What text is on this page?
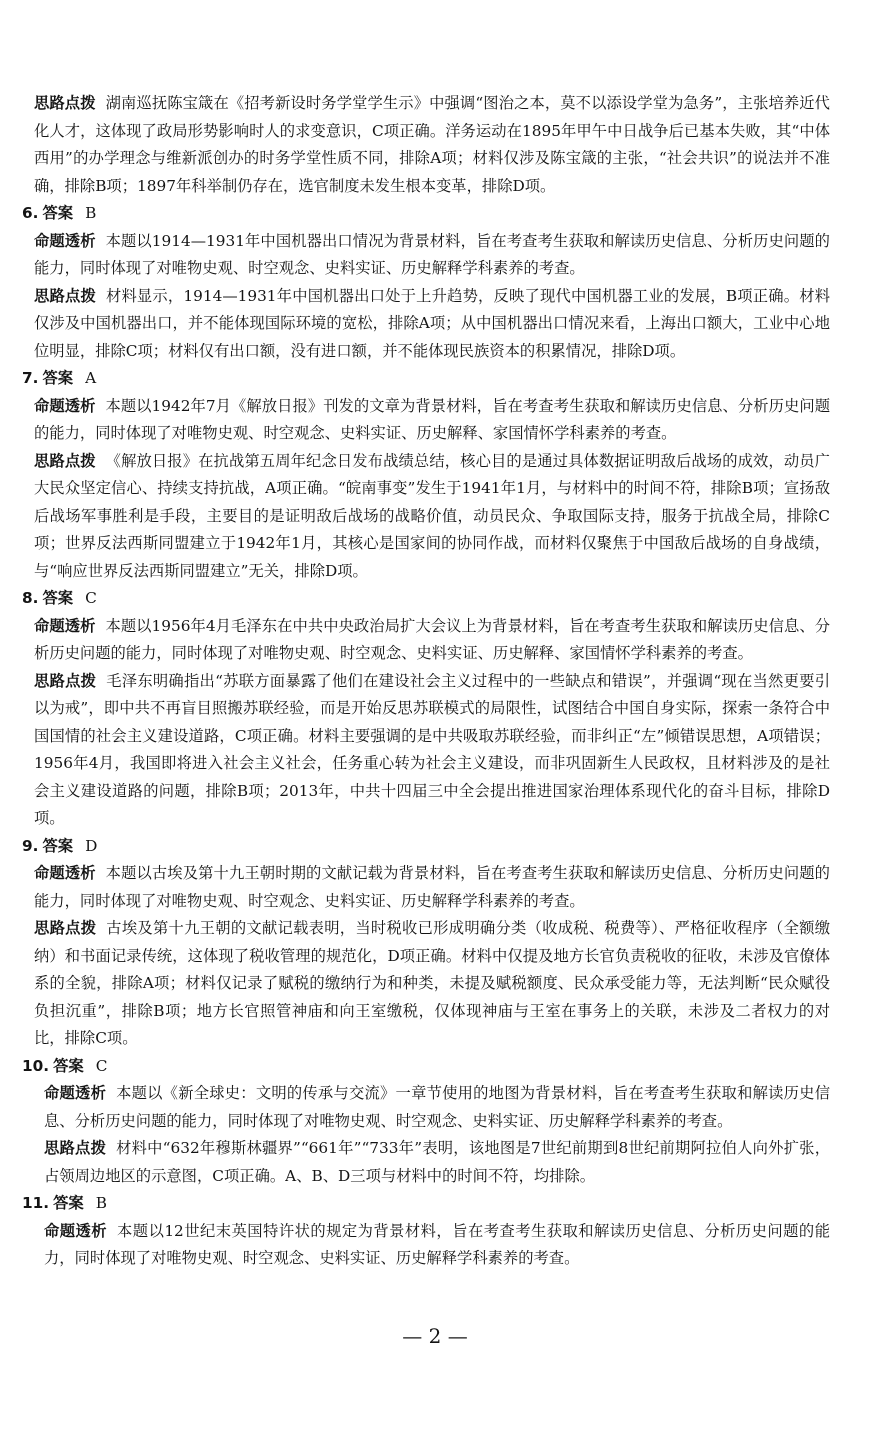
思路点拨 湖南巡抚陈宝箴在《招考新设时务学堂学生示》中强调“图治之本，莫不以添设学堂为急务”，主张培养近代化人才，这体现了政局形势影响时人的求变意识，C项正确。洋务运动在1895年甲午中日战争后已基本失败，其“中体西用”的办学理念与维新派创办的时务学堂性质不同，排除A项；材料仅涉及陈宝箴的主张，“社会共识”的说法并不准确，排除B项；1897年科举制仍存在，选官制度未发生根本变革，排除D项。

6. 答案 B

命题透析 本题以1914—1931年中国机器出口情况为背景材料，旨在考查考生获取和解读历史信息、分析历史问题的能力，同时体现了对唯物史观、时空观念、史料实证、历史解释学科素养的考查。

思路点拨 材料显示，1914—1931年中国机器出口处于上升趋势，反映了现代中国机器工业的发展，B项正确。材料仅涉及中国机器出口，并不能体现国际环境的宽松，排除A项；从中国机器出口情况来看，上海出口额大，工业中心地位明显，排除C项；材料仅有出口额，没有进口额，并不能体现民族资本的积累情况，排除D项。

7. 答案 A

命题透析 本题以1942年7月《解放日报》刊发的文章为背景材料，旨在考查考生获取和解读历史信息、分析历史问题的能力，同时体现了对唯物史观、时空观念、史料实证、历史解释、家国情怀学科素养的考查。

思路点拨 《解放日报》在抗战第五周年纪念日发布战绩总结，核心目的是通过具体数据证明敌后战场的成效，动员广大民众坚定信心、持续支持抗战，A项正确。“皖南事变”发生于1941年1月，与材料中的时间不符，排除B项；宣扬敌后战场军事胜利是手段，主要目的是证明敌后战场的战略价值，动员民众、争取国际支持，服务于抗战全局，排除C项；世界反法西斯同盟建立于1942年1月，其核心是国家间的协同作战，而材料仅聚焦于中国敌后战场的自身战绩，与“响应世界反法西斯同盟建立”无关，排除D项。

8. 答案 C

命题透析 本题以1956年4月毛泽东在中共中央政治局扩大会议上为背景材料，旨在考查考生获取和解读历史信息、分析历史问题的能力，同时体现了对唯物史观、时空观念、史料实证、历史解释、家国情怀学科素养的考查。

思路点拨 毛泽东明确指出“苏联方面暴露了他们在建设社会主义过程中的一些缺点和错误”，并强调“现在当然更要引以为戒”，即中共不再盲目照搬苏联经验，而是开始反思苏联模式的局限性，试图结合中国自身实际，探索一条符合中国国情的社会主义建设道路，C项正确。材料主要强调的是中共吸取苏联经验，而非纠正“左”倾错误思想，A项错误；1956年4月，我国即将进入社会主义社会，任务重心转为社会主义建设，而非巩固新生人民政权，且材料涉及的是社会主义建设道路的问题，排除B项；2013年，中共十四届三中全会提出推进国家治理体系现代化的奋斗目标，排除D项。

9. 答案 D

命题透析 本题以古埃及第十九王朝时期的文献记载为背景材料，旨在考查考生获取和解读历史信息、分析历史问题的能力，同时体现了对唯物史观、时空观念、史料实证、历史解释学科素养的考查。

思路点拨 古埃及第十九王朝的文献记载表明，当时税收已形成明确分类（收成税、税费等）、严格征收程序（全额缴纳）和书面记录传统，这体现了税收管理的规范化，D项正确。材料中仅提及地方长官负责税收的征收，未涉及官僚体系的全貌，排除A项；材料仅记录了赋税的缴纳行为和种类，未提及赋税额度、民众承受能力等，无法判断“民众赋役负担沉重”，排除B项；地方长官照管神庙和向王室缴税，仅体现神庙与王室在事务上的关联，未涉及二者权力的对比，排除C项。

10. 答案 C

命题透析 本题以《新全球史：文明的传承与交流》一章节使用的地图为背景材料，旨在考查考生获取和解读历史信息、分析历史问题的能力，同时体现了对唯物史观、时空观念、史料实证、历史解释学科素养的考查。

思路点拨 材料中“632年穆斯林疆界”“661年”“733年”表明，该地图是7世纪前期到8世纪前期阿拉伯人向外扩张，占领周边地区的示意图，C项正确。A、B、D三项与材料中的时间不符，均排除。

11. 答案 B

命题透析 本题以12世纪末英国特许状的规定为背景材料，旨在考查考生获取和解读历史信息、分析历史问题的能力，同时体现了对唯物史观、时空观念、史料实证、历史解释学科素养的考查。

— 2 —
